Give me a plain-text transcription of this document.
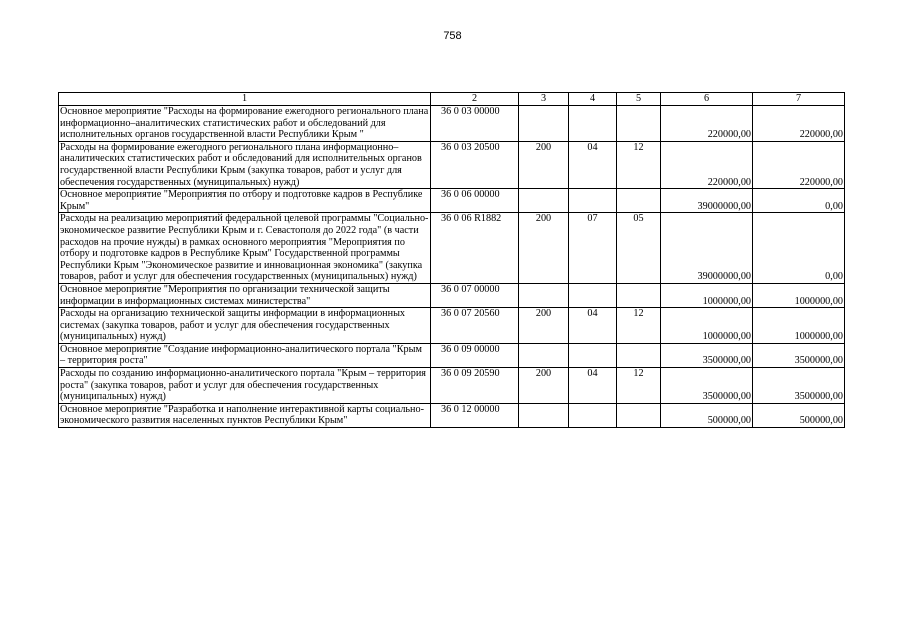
758
1	2	3	4	5	6	7
Основное мероприятие "Расходы на формирование ежегодного регионального плана информационно–аналитических статистических работ и обследований для исполнительных органов государственной власти Республики Крым "	36 0 03 00000				220000,00	220000,00
Расходы на формирование ежегодного регионального плана информационно–аналитических статистических работ и обследований для исполнительных органов государственной власти Республики Крым (закупка товаров, работ и услуг для обеспечения государственных (муниципальных) нужд)	36 0 03 20500	200	04	12	220000,00	220000,00
Основное мероприятие "Мероприятия по отбору и подготовке кадров в Республике Крым"	36 0 06 00000				39000000,00	0,00
Расходы на реализацию мероприятий федеральной целевой программы "Социально-экономическое развитие Республики Крым и г. Севастополя до 2022 года" (в части расходов на прочие нужды) в рамках основного мероприятия "Мероприятия по отбору и подготовке кадров в Республике Крым" Государственной программы Республики Крым "Экономическое развитие и инновационная экономика" (закупка товаров, работ и услуг для обеспечения государственных (муниципальных) нужд)	36 0 06 R1882	200	07	05	39000000,00	0,00
Основное мероприятие "Мероприятия по организации технической защиты информации в информационных системах министерства"	36 0 07 00000				1000000,00	1000000,00
Расходы на организацию технической защиты информации в информационных системах (закупка товаров, работ и услуг для обеспечения государственных (муниципальных) нужд)	36 0 07 20560	200	04	12	1000000,00	1000000,00
Основное мероприятие "Создание информационно-аналитического портала "Крым – территория роста"	36 0 09 00000				3500000,00	3500000,00
Расходы по созданию информационно-аналитического портала "Крым – территория роста" (закупка товаров, работ и услуг для обеспечения государственных (муниципальных) нужд)	36 0 09 20590	200	04	12	3500000,00	3500000,00
Основное мероприятие "Разработка и наполнение интерактивной карты социально-экономического развития населенных пунктов Республики Крым"	36 0 12 00000				500000,00	500000,00
